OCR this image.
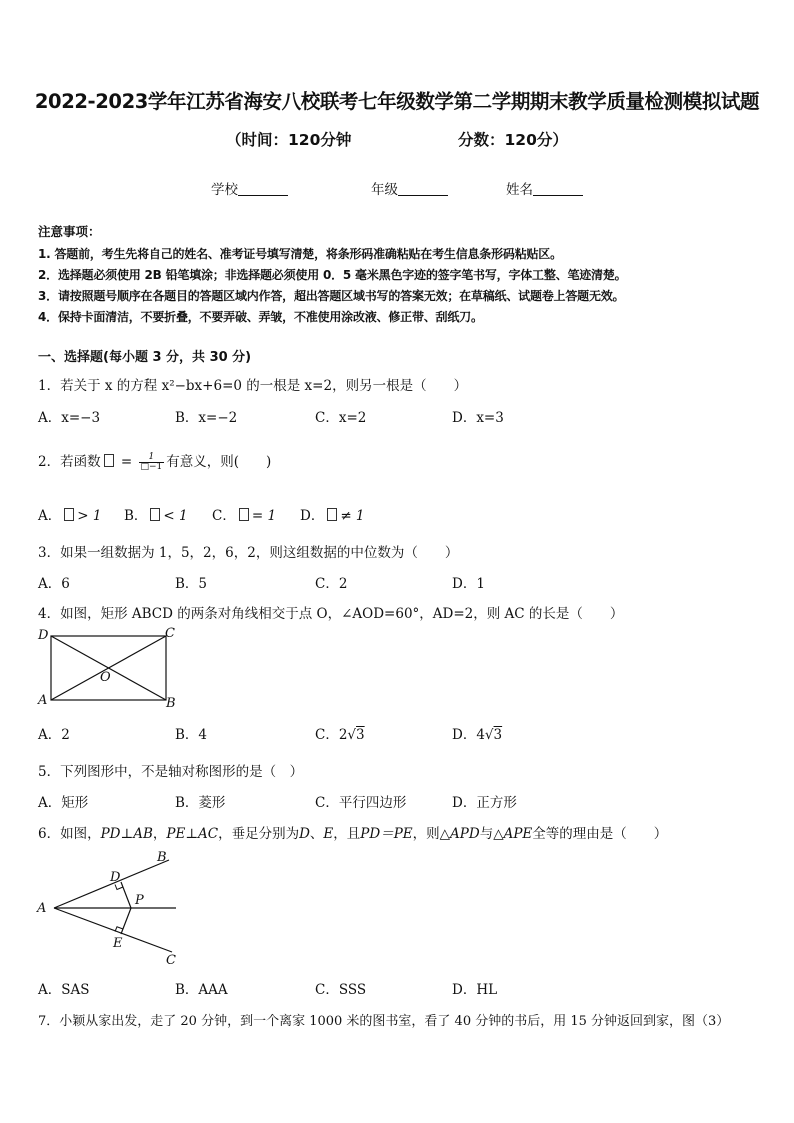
2022-2023学年江苏省海安八校联考七年级数学第二学期期末教学质量检测模拟试题
（时间：120分钟	分数：120分）
学校	年级	姓名
注意事项：
1. 答题前，考生先将自己的姓名、准考证号填写清楚，将条形码准确粘贴在考生信息条形码粘贴区。
2．选择题必须使用 2B 铅笔填涂；非选择题必须使用 0．5 毫米黑色字迹的签字笔书写，字体工整、笔迹清楚。
3．请按照题号顺序在各题目的答题区域内作答，超出答题区域书写的答案无效；在草稿纸、试题卷上答题无效。
4．保持卡面清洁，不要折叠，不要弄破、弄皱，不准使用涂改液、修正带、刮纸刀。
一、选择题(每小题 3 分，共 30 分)
1．若关于 x 的方程 x²−bx+6=0 的一根是 x=2，则另一根是（　　）
A．x=−3	B．x=−2	C．x=2	D．x=3
2．若函数 = $\frac{1}{□-1}$ 有意义，则(　　)
A． > 1 B． < 1 C． = 1 D． ≠ 1
3．如果一组数据为 1，5，2，6，2，则这组数据的中位数为（　　）
A．6	B．5	C．2	D．1
4．如图，矩形 ABCD 的两条对角线相交于点 O，∠AOD=60°，AD=2，则 AC 的长是（　　）
D	C
A	B
O
A．2	B．4	C．2√3	D．4√3
5．下列图形中，不是轴对称图形的是（　）
A．矩形	B．菱形	C．平行四边形	D．正方形
6．如图，PD⊥AB，PE⊥AC，垂足分别为D、E，且PD＝PE，则△APD与△APE全等的理由是（　　）
A
B
C
D
E
P
A．SAS	B．AAA	C．SSS	D．HL
7．小颖从家出发，走了 20 分钟，到一个离家 1000 米的图书室，看了 40 分钟的书后，用 15 分钟返回到家，图（3）
